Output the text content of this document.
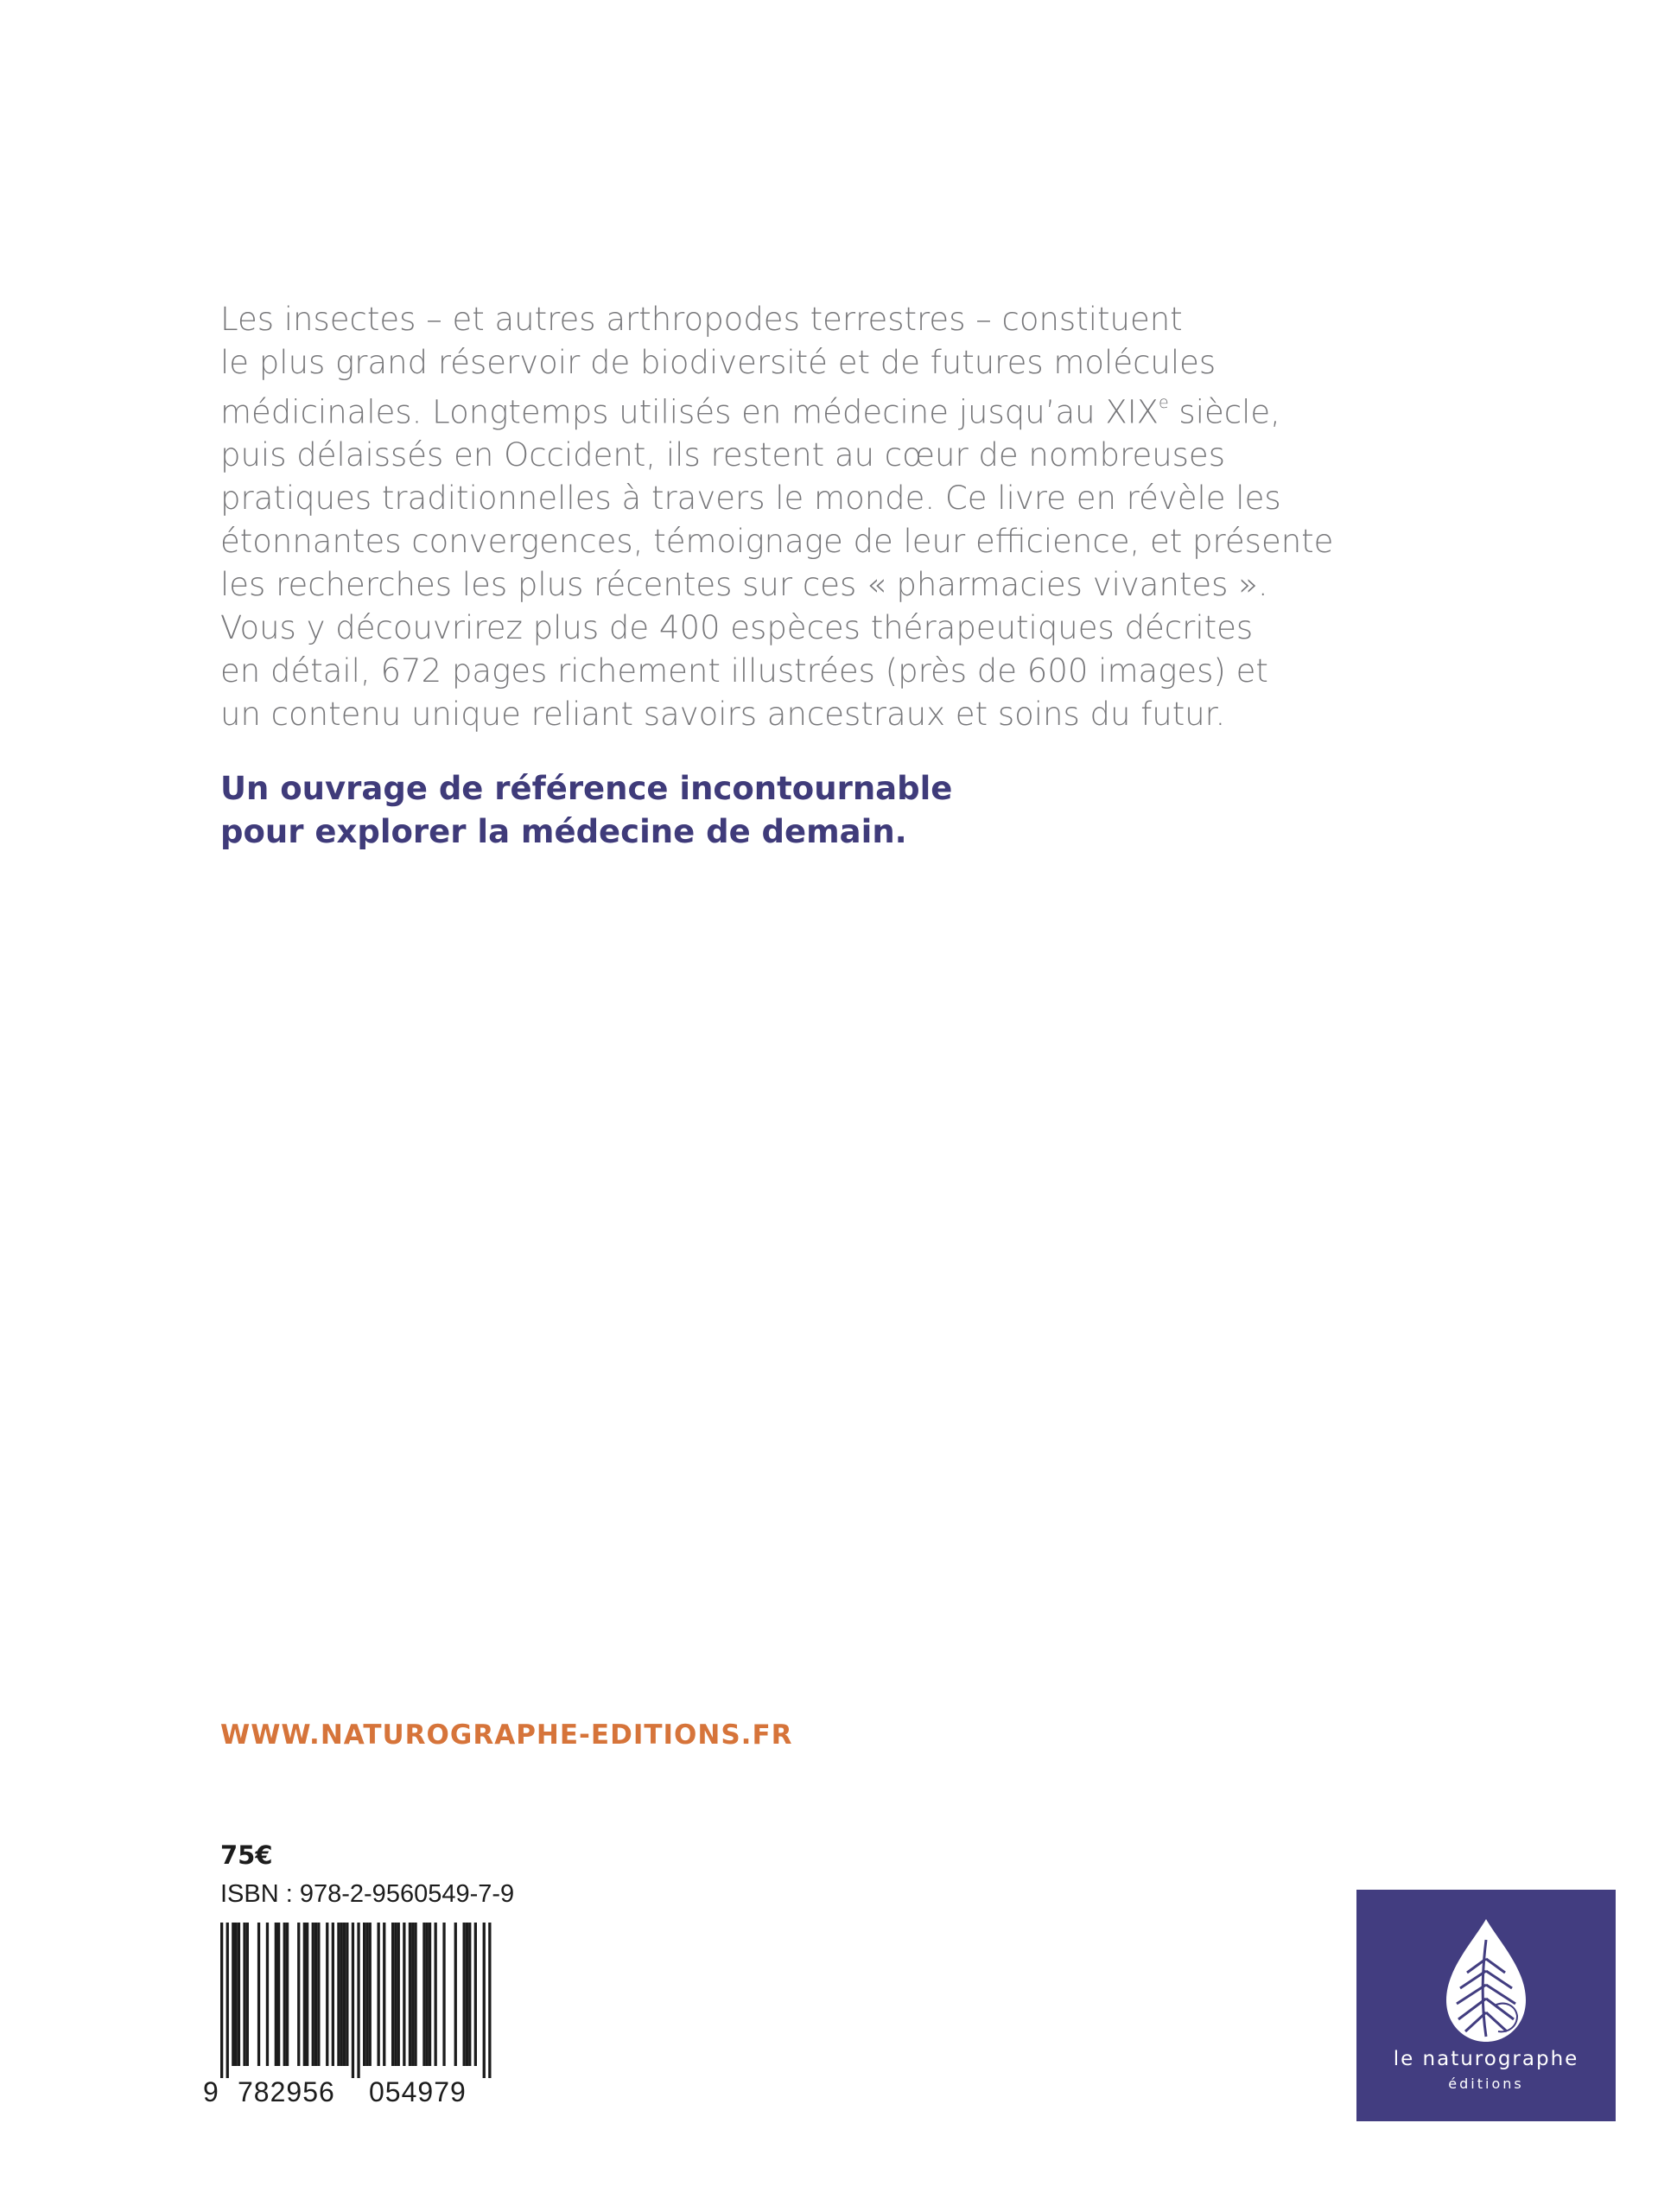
Les insectes – et autres arthropodes terrestres – constituent
le plus grand réservoir de biodiversité et de futures molécules
médicinales. Longtemps utilisés en médecine jusqu’au XIXe siècle,
puis délaissés en Occident, ils restent au cœur de nombreuses
pratiques traditionnelles à travers le monde. Ce livre en révèle les
étonnantes convergences, témoignage de leur efficience, et présente
les recherches les plus récentes sur ces « pharmacies vivantes ».
Vous y découvrirez plus de 400 espèces thérapeutiques décrites
en détail, 672 pages richement illustrées (près de 600 images) et
un contenu unique reliant savoirs ancestraux et soins du futur.
Un ouvrage de référence incontournable
pour explorer la médecine de demain.
WWW.NATUROGRAPHE-EDITIONS.FR
75€
ISBN : 978-2-9560549-7-9
9 782956 054979
le naturographe
éditions
